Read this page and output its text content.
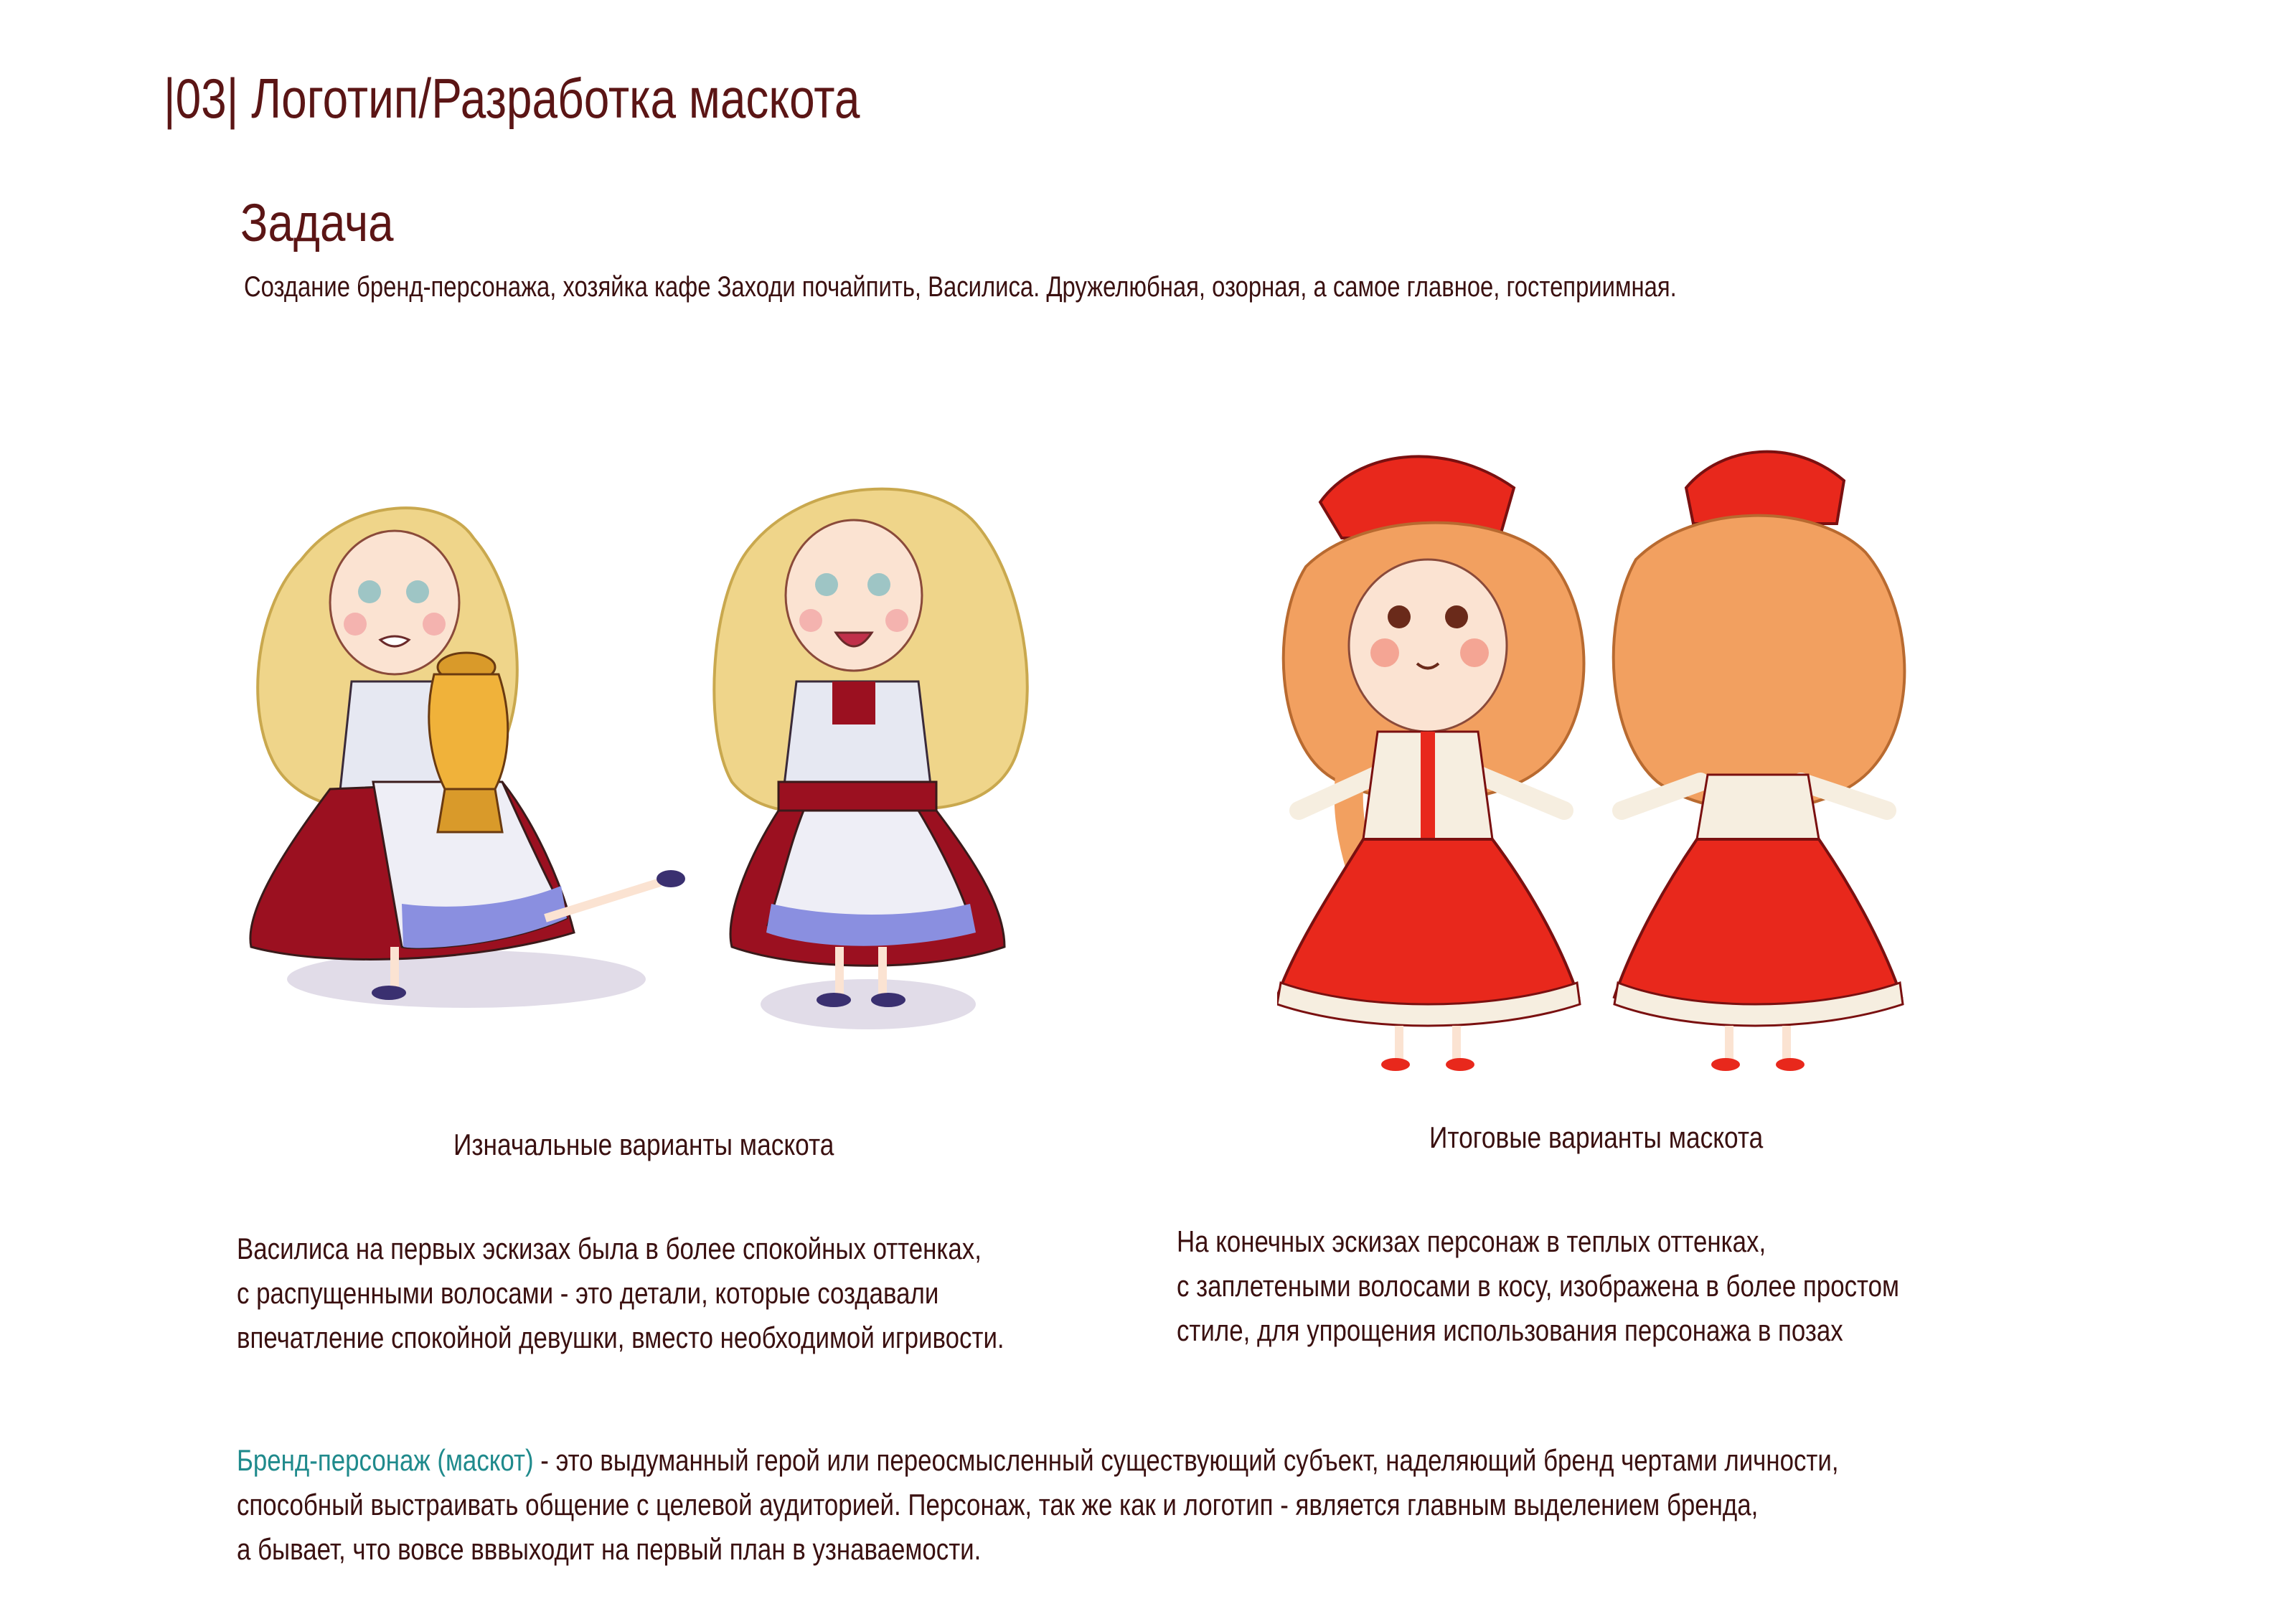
|03| Логотип/Разработка маскота
Задача
Создание бренд-персонажа, хозяйка кафе Заходи почайпить, Василиса. Дружелюбная, озорная, а самое главное, гостеприимная.
Изначальные варианты маскота	Итоговые варианты маскота
Василиса на первых эскизах была в более спокойных оттенках,
с распущенными волосами - это детали, которые создавали
впечатление спокойной девушки, вместо необходимой игривости.
На конечных эскизах персонаж в теплых оттенках,
с заплетеными волосами в косу, изображена в более простом
стиле, для упрощения использования персонажа в позах
Бренд-персонаж (маскот) - это выдуманный герой или переосмысленный существующий субъект, наделяющий бренд чертами личности,
способный выстраивать общение с целевой аудиторией. Персонаж, так же как и логотип - является главным выделением бренда,
а бывает, что вовсе вввыходит на первый план в узнаваемости.
